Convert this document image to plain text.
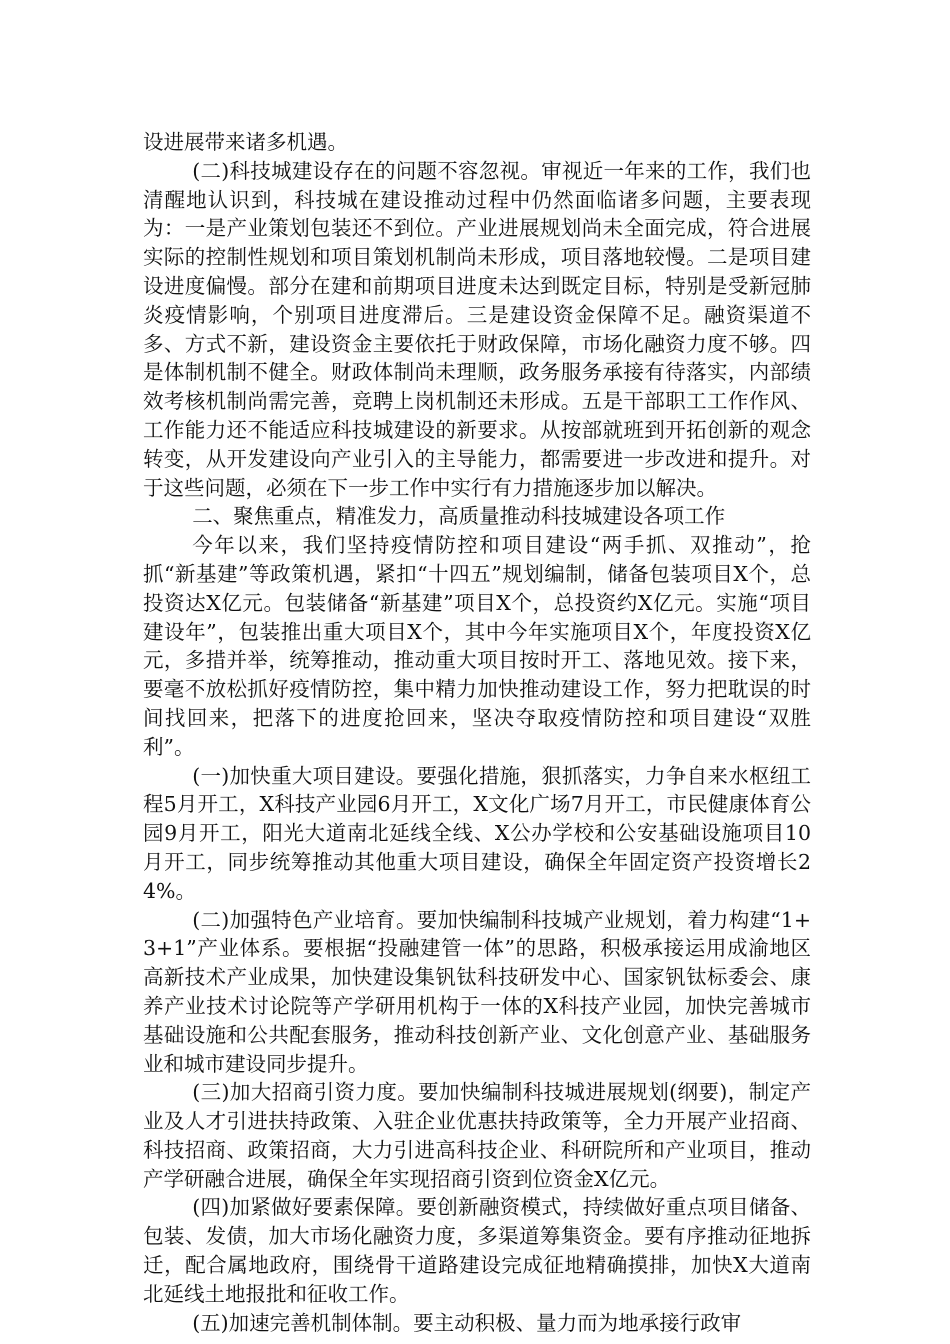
设进展带来诸多机遇。

(二)科技城建设存在的问题不容忽视。审视近一年来的工作，我们也清醒地认识到，科技城在建设推动过程中仍然面临诸多问题，主要表现为：一是产业策划包装还不到位。产业进展规划尚未全面完成，符合进展实际的控制性规划和项目策划机制尚未形成，项目落地较慢。二是项目建设进度偏慢。部分在建和前期项目进度未达到既定目标，特别是受新冠肺炎疫情影响，个别项目进度滞后。三是建设资金保障不足。融资渠道不多、方式不新，建设资金主要依托于财政保障，市场化融资力度不够。四是体制机制不健全。财政体制尚未理顺，政务服务承接有待落实，内部绩效考核机制尚需完善，竞聘上岗机制还未形成。五是干部职工工作作风、工作能力还不能适应科技城建设的新要求。从按部就班到开拓创新的观念转变，从开发建设向产业引入的主导能力，都需要进一步改进和提升。对于这些问题，必须在下一步工作中实行有力措施逐步加以解决。

二、聚焦重点，精准发力，高质量推动科技城建设各项工作

今年以来，我们坚持疫情防控和项目建设“两手抓、双推动”，抢抓“新基建”等政策机遇，紧扣“十四五”规划编制，储备包装项目X个，总投资达X亿元。包装储备“新基建”项目X个，总投资约X亿元。实施“项目建设年”，包装推出重大项目X个，其中今年实施项目X个，年度投资X亿元，多措并举，统筹推动，推动重大项目按时开工、落地见效。接下来，要毫不放松抓好疫情防控，集中精力加快推动建设工作，努力把耽误的时间找回来，把落下的进度抢回来，坚决夺取疫情防控和项目建设“双胜利”。

(一)加快重大项目建设。要强化措施，狠抓落实，力争自来水枢纽工程5月开工，X科技产业园6月开工，X文化广场7月开工，市民健康体育公园9月开工，阳光大道南北延线全线、X公办学校和公安基础设施项目10月开工，同步统筹推动其他重大项目建设，确保全年固定资产投资增长24%。

(二)加强特色产业培育。要加快编制科技城产业规划，着力构建“1+3+1”产业体系。要根据“投融建管一体”的思路，积极承接运用成渝地区高新技术产业成果，加快建设集钒钛科技研发中心、国家钒钛标委会、康养产业技术讨论院等产学研用机构于一体的X科技产业园，加快完善城市基础设施和公共配套服务，推动科技创新产业、文化创意产业、基础服务业和城市建设同步提升。

(三)加大招商引资力度。要加快编制科技城进展规划(纲要)，制定产业及人才引进扶持政策、入驻企业优惠扶持政策等，全力开展产业招商、科技招商、政策招商，大力引进高科技企业、科研院所和产业项目，推动产学研融合进展，确保全年实现招商引资到位资金X亿元。

(四)加紧做好要素保障。要创新融资模式，持续做好重点项目储备、包装、发债，加大市场化融资力度，多渠道筹集资金。要有序推动征地拆迁，配合属地政府，围绕骨干道路建设完成征地精确摸排，加快X大道南北延线土地报批和征收工作。

(五)加速完善机制体制。要主动积极、量力而为地承接行政审
